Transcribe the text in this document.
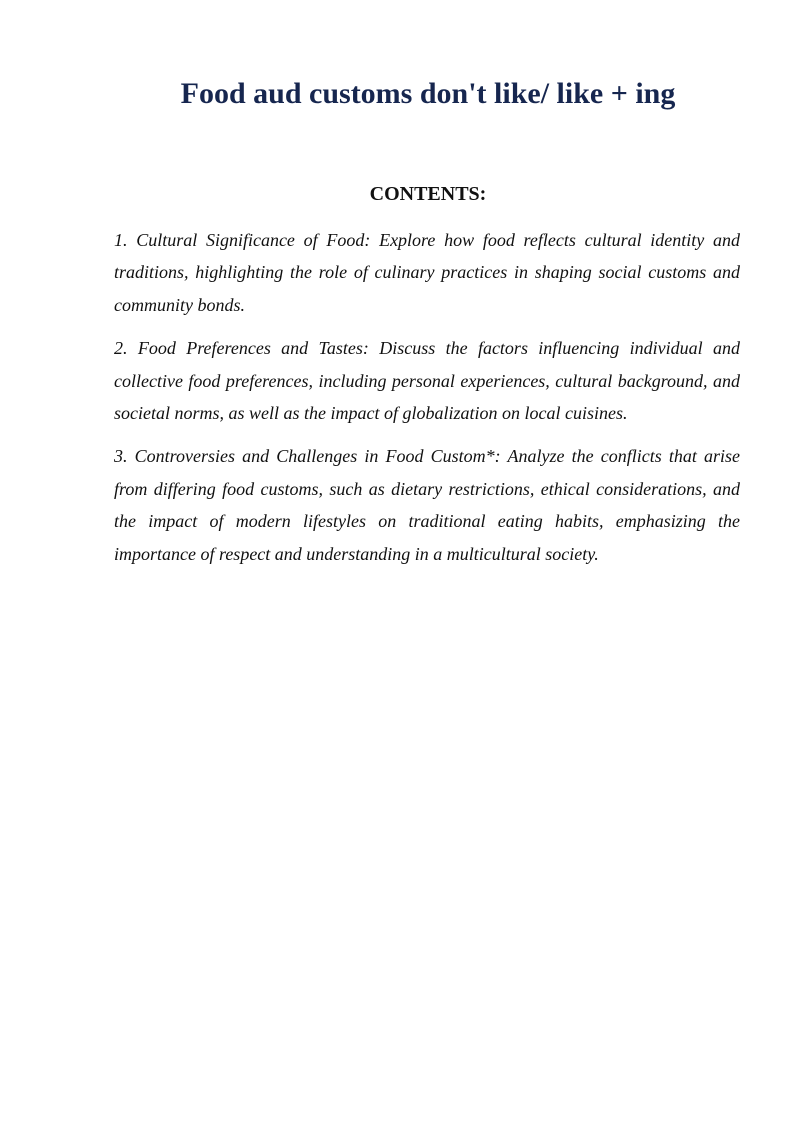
Food aud customs don't like/ like + ing
CONTENTS:
1. Cultural Significance of Food: Explore how food reflects cultural identity and traditions, highlighting the role of culinary practices in shaping social customs and community bonds.
2. Food Preferences and Tastes: Discuss the factors influencing individual and collective food preferences, including personal experiences, cultural background, and societal norms, as well as the impact of globalization on local cuisines.
3. Controversies and Challenges in Food Custom*: Analyze the conflicts that arise from differing food customs, such as dietary restrictions, ethical considerations, and the impact of modern lifestyles on traditional eating habits, emphasizing the importance of respect and understanding in a multicultural society.
